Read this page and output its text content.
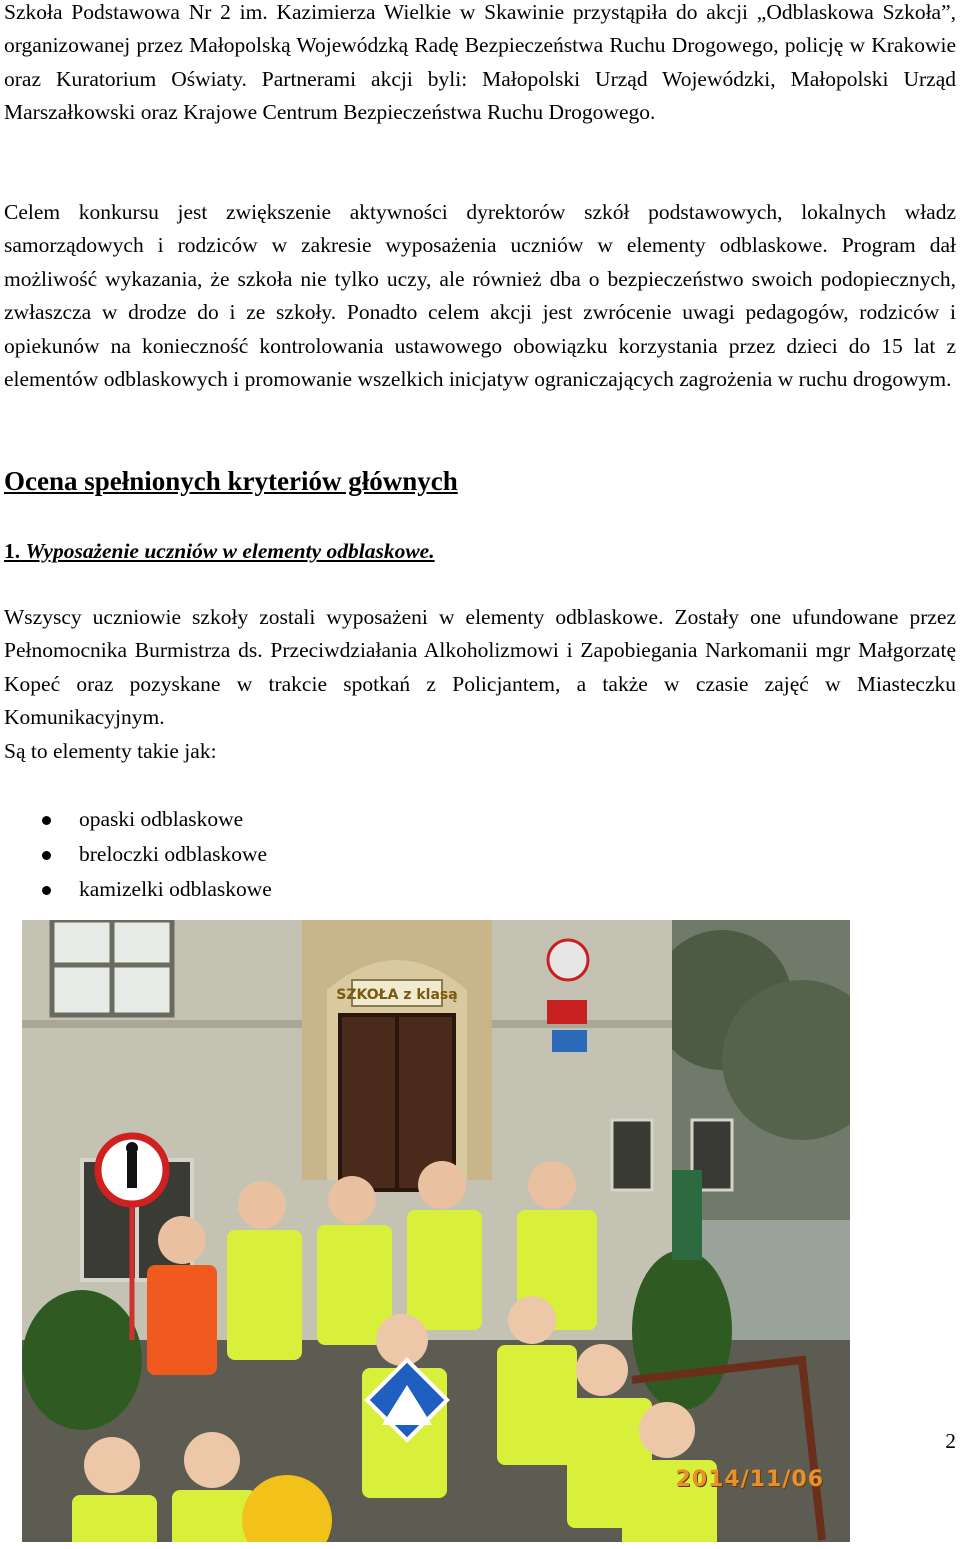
Szkoła Podstawowa Nr 2 im. Kazimierza Wielkie w Skawinie przystąpiła do akcji „Odblaskowa Szkoła”, organizowanej przez Małopolską Wojewódzką Radę Bezpieczeństwa Ruchu Drogowego, policję w Krakowie oraz Kuratorium Oświaty. Partnerami akcji byli: Małopolski Urząd Wojewódzki, Małopolski Urząd Marszałkowski oraz Krajowe Centrum Bezpieczeństwa Ruchu Drogowego.

Celem konkursu jest zwiększenie aktywności dyrektorów szkół podstawowych, lokalnych władz samorządowych i rodziców w zakresie wyposażenia uczniów w elementy odblaskowe. Program dał możliwość wykazania, że szkoła nie tylko uczy, ale również dba o bezpieczeństwo swoich podopiecznych, zwłaszcza w drodze do i ze szkoły. Ponadto celem akcji jest zwrócenie uwagi pedagogów, rodziców i opiekunów na konieczność kontrolowania ustawowego obowiązku korzystania przez dzieci do 15 lat z elementów odblaskowych i promowanie wszelkich inicjatyw ograniczających zagrożenia w ruchu drogowym.

Ocena spełnionych kryteriów głównych

1. Wyposażenie uczniów w elementy odblaskowe.

Wszyscy uczniowie szkoły zostali wyposażeni w elementy odblaskowe. Zostały one ufundowane przez Pełnomocnika Burmistrza ds. Przeciwdziałania Alkoholizmowi i Zapobiegania Narkomanii mgr Małgorzatę Kopeć oraz pozyskane w trakcie spotkań z Policjantem, a także w czasie zajęć w Miasteczku Komunikacyjnym.

Są to elementy takie jak:

opaski odblaskowe
breloczki odblaskowe
kamizelki odblaskowe
SZKOŁA z klasą
2014/11/06
2
